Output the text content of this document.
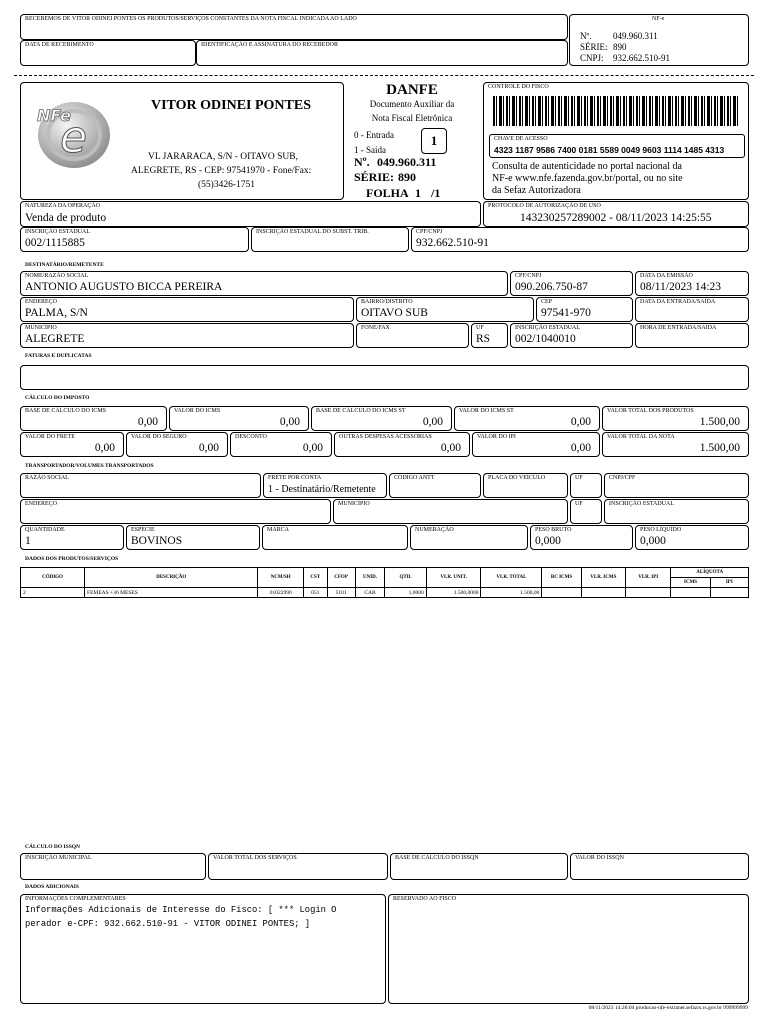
RECEBEMOS DE VITOR ODINEI PONTES OS PRODUTOS/SERVIÇOS CONSTANTES DA NOTA FISCAL INDICADA AO LADO
DATA DE RECEBIMENTO	IDENTIFICAÇÃO E ASSINATURA DO RECEBEDOR
NF-e
Nº. 049.960.311
SÉRIE: 890
CNPJ: 932.662.510-91
e
NFe
VITOR ODINEI PONTES
VL JARARACA, S/N - OITAVO SUB,
ALEGRETE, RS - CEP: 97541970 - Fone/Fax:
(55)3426-1751
DANFE
Documento Auxiliar da
Nota Fiscal Eletrônica
0 - Entrada
1 - Saída
1
Nº. 049.960.311
SÉRIE: 890
FOLHA 1 /1
CONTROLE DO FISCO
CHAVE DE ACESSO
4323 1187 9586 7400 0181 5589 0049 9603 1114 1485 4313
Consulta de autenticidade no portal nacional da
NF-e www.nfe.fazenda.gov.br/portal, ou no site
da Sefaz Autorizadora
NATUREZA DA OPERAÇÃO
Venda de produto
PROTOCOLO DE AUTORIZAÇÃO DE USO
143230257289002 - 08/11/2023 14:25:55
INSCRIÇÃO ESTADUAL
002/1115885
INSCRIÇÃO ESTADUAL DO SUBST. TRIB.	CPF/CNPJ
932.662.510-91
DESTINATÁRIO/REMETENTE
NOME/RAZÃO SOCIAL
ANTONIO AUGUSTO BICCA PEREIRA
CPF/CNPJ
090.206.750-87
DATA DA EMISSÃO
08/11/2023 14:23
ENDEREÇO
PALMA, S/N
BAIRRO/DISTRITO
OITAVO SUB
CEP
97541-970
DATA DA ENTRADA/SAÍDA
MUNICÍPIO
ALEGRETE
FONE/FAX	UF
RS
INSCRIÇÃO ESTADUAL
002/1040010
HORA DE ENTRADA/SAÍDA
FATURAS E DUPLICATAS
CÁLCULO DO IMPOSTO
BASE DE CÁLCULO DO ICMS
0,00
VALOR DO ICMS
0,00
BASE DE CÁLCULO DO ICMS ST
0,00
VALOR DO ICMS ST
0,00
VALOR TOTAL DOS PRODUTOS
1.500,00
VALOR DO FRETE
0,00
VALOR DO SEGURO
0,00
DESCONTO
0,00
OUTRAS DESPESAS ACESSÓRIAS
0,00
VALOR DO IPI
0,00
VALOR TOTAL DA NOTA
1.500,00
TRANSPORTADOR/VOLUMES TRANSPORTADOS
RAZÃO SOCIAL	FRETE POR CONTA
1 - Destinatário/Remetente
CÓDIGO ANTT	PLACA DO VEÍCULO	UF	CNPJ/CPF
ENDEREÇO	MUNICÍPIO	UF	INSCRIÇÃO ESTADUAL
QUANTIDADE
1
ESPÉCIE
BOVINOS
MARCA	NUMERAÇÃO	PESO BRUTO
0,000
PESO LÍQUIDO
0,000
DADOS DOS PRODUTOS/SERVIÇOS
CÓDIGO	DESCRIÇÃO	NCM/SH	CST	CFOP	UNID.	QTD.	VLR. UNIT.	VLR. TOTAL	BC ICMS	VLR. ICMS	VLR. IPI	ALÍQUOTA	
												ICMS	IPI
2	FEMEAS +36 MESES	01022990	051	5101	CAB	1,0000	1.500,0000	1.500,00					
CÁLCULO DO ISSQN
INSCRIÇÃO MUNICIPAL	VALOR TOTAL DOS SERVIÇOS	BASE DE CÁLCULO DO ISSQN	VALOR DO ISSQN
DADOS ADICIONAIS
INFORMAÇÕES COMPLEMENTARES
Informações Adicionais de Interesse do Fisco: [ *** Login O
perador e-CPF: 932.662.510-91 - VITOR ODINEI PONTES; ]
RESERVADO AO FISCO
08/11/2023 14:26:04 producao-nfe-extranet.sefazrs.rs.gov.br 999999999
